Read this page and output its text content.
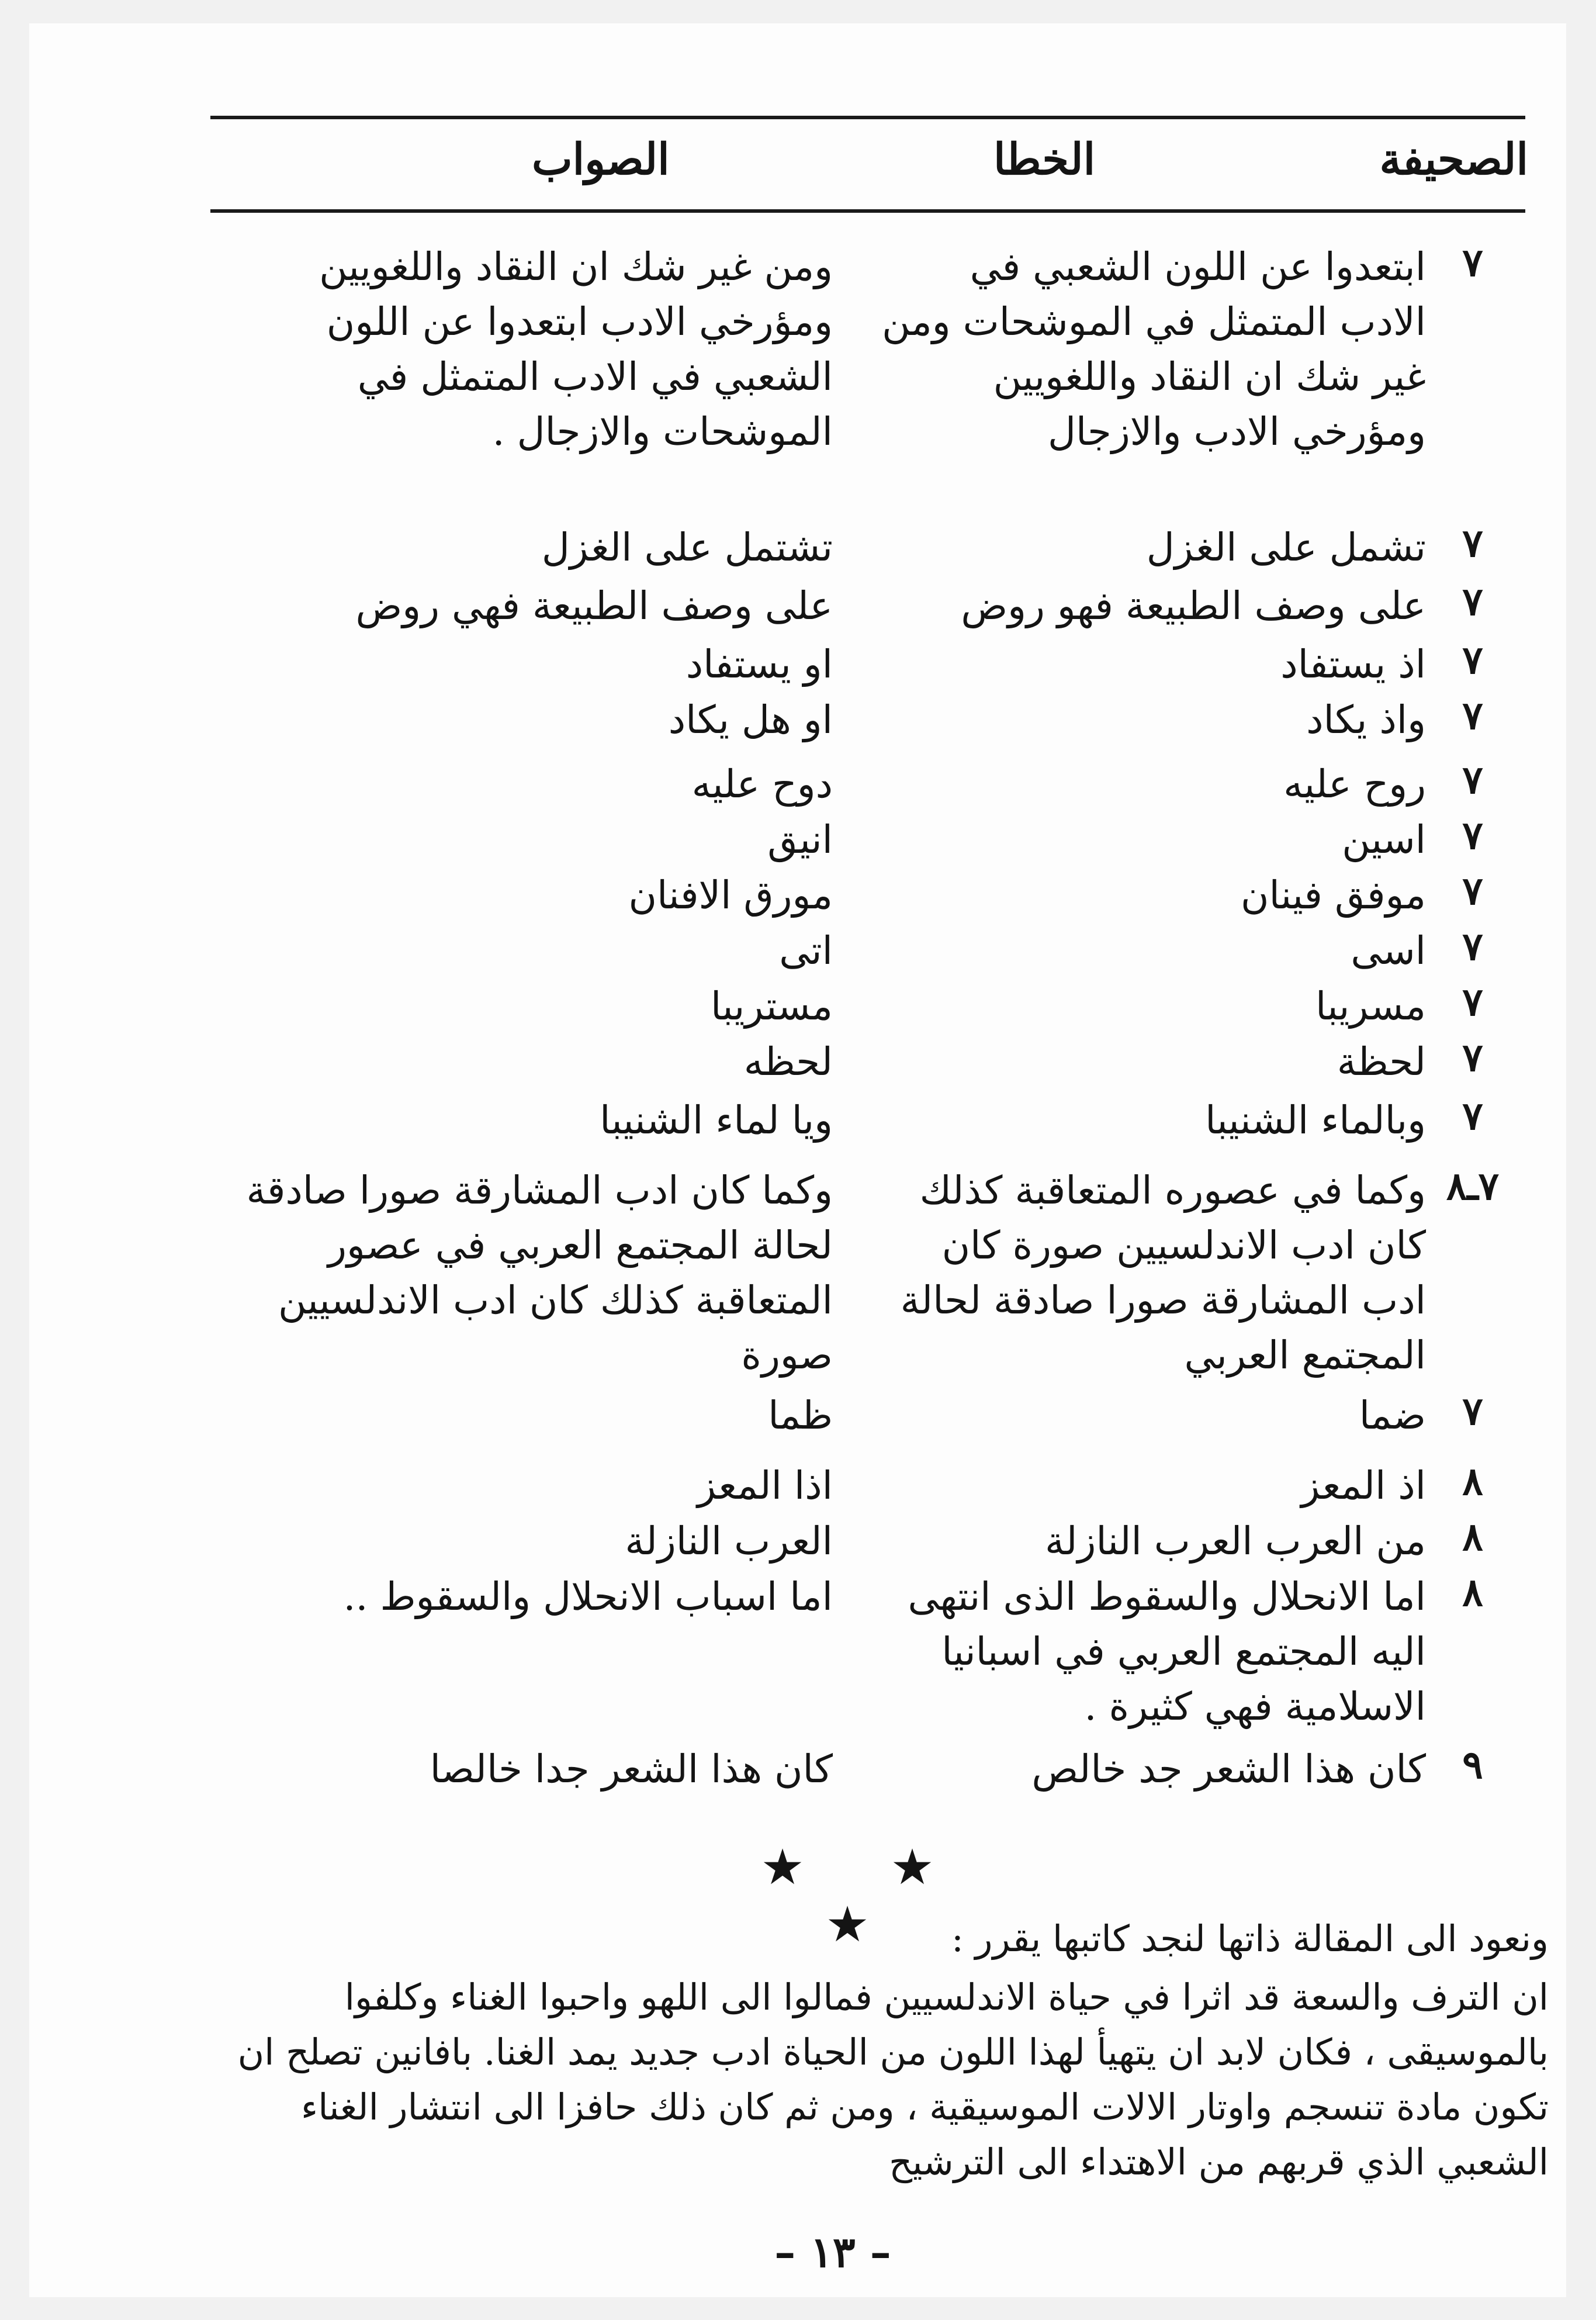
الصحيفة
الخطا
الصواب
٧
ابتعدوا عن اللون الشعبي في الادب المتمثل في الموشحات ومن غير شك ان النقاد واللغويين ومؤرخي الادب والازجال
ومن غير شك ان النقاد واللغويين ومؤرخي الادب ابتعدوا عن اللون الشعبي في الادب المتمثل في الموشحات والازجال .
٧
تشمل على الغزل
تشتمل على الغزل
٧
على وصف الطبيعة فهو روض
على وصف الطبيعة فهي روض
٧
اذ يستفاد
او يستفاد
٧
واذ يكاد
او هل يكاد
٧
روح عليه
دوح عليه
٧
اسين
انيق
٧
موفق فينان
مورق الافنان
٧
اسى
اتى
٧
مسريبا
مستريبا
٧
لحظة
لحظه
٧
وبالماء الشنيبا
ويا لماء الشنيبا
٧ـ٨
وكما في عصوره المتعاقبة كذلك كان ادب الاندلسيين صورة كان ادب المشارقة صورا صادقة لحالة المجتمع العربي
وكما كان ادب المشارقة صورا صادقة لحالة المجتمع العربي في عصور المتعاقبة كذلك كان ادب الاندلسيين صورة
٧
ضما
ظما
٨
اذ المعز
اذا المعز
٨
من العرب العرب النازلة
العرب النازلة
٨
اما الانحلال والسقوط الذى انتهى اليه المجتمع العربي في اسبانيا الاسلامية فهي كثيرة .
اما اسباب الانحلال والسقوط ..
٩
كان هذا الشعر جد خالص
كان هذا الشعر جدا خالصا
★ ★ ★	ونعود الى المقالة ذاتها لنجد كاتبها يقرر :
ان الترف والسعة قد اثرا في حياة الاندلسيين فمالوا الى اللهو واحبوا الغناء وكلفوا بالموسيقى ، فكان لابد ان يتهيأ لهذا اللون من الحياة ادب جديد يمد الغنا. بافانين تصلح ان تكون مادة تنسجم واوتار الالات الموسيقية ، ومن ثم كان ذلك حافزا الى انتشار الغناء الشعبي الذي قربهم من الاهتداء الى الترشيح
– ١٣ –
